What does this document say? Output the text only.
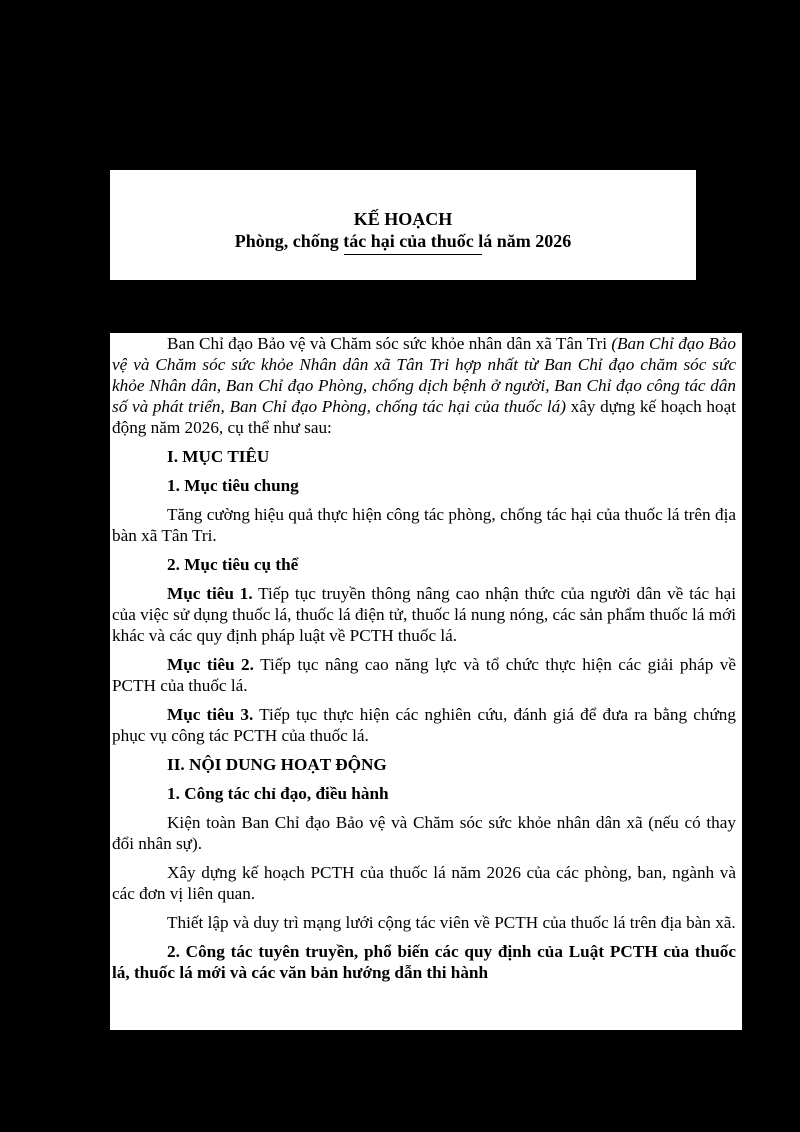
KẾ HOẠCH
Phòng, chống tác hại của thuốc lá năm 2026

Ban Chỉ đạo Bảo vệ và Chăm sóc sức khỏe nhân dân xã Tân Tri (Ban Chỉ đạo Bảo vệ và Chăm sóc sức khỏe Nhân dân xã Tân Tri hợp nhất từ Ban Chỉ đạo chăm sóc sức khỏe Nhân dân, Ban Chỉ đạo Phòng, chống dịch bệnh ở người, Ban Chỉ đạo công tác dân số và phát triển, Ban Chỉ đạo Phòng, chống tác hại của thuốc lá) xây dựng kế hoạch hoạt động năm 2026, cụ thể như sau:

I. MỤC TIÊU

1. Mục tiêu chung

Tăng cường hiệu quả thực hiện công tác phòng, chống tác hại của thuốc lá trên địa bàn xã Tân Tri.

2. Mục tiêu cụ thể

Mục tiêu 1. Tiếp tục truyền thông nâng cao nhận thức của người dân về tác hại của việc sử dụng thuốc lá, thuốc lá điện tử, thuốc lá nung nóng, các sản phẩm thuốc lá mới khác và các quy định pháp luật về PCTH thuốc lá.

Mục tiêu 2. Tiếp tục nâng cao năng lực và tổ chức thực hiện các giải pháp về PCTH của thuốc lá.

Mục tiêu 3. Tiếp tục thực hiện các nghiên cứu, đánh giá để đưa ra bằng chứng phục vụ công tác PCTH của thuốc lá.

II. NỘI DUNG HOẠT ĐỘNG

1. Công tác chỉ đạo, điều hành

Kiện toàn Ban Chỉ đạo Bảo vệ và Chăm sóc sức khỏe nhân dân xã (nếu có thay đổi nhân sự).

Xây dựng kế hoạch PCTH của thuốc lá năm 2026 của các phòng, ban, ngành và các đơn vị liên quan.

Thiết lập và duy trì mạng lưới cộng tác viên về PCTH của thuốc lá trên địa bàn xã.

2. Công tác tuyên truyền, phổ biến các quy định của Luật PCTH của thuốc lá, thuốc lá mới và các văn bản hướng dẫn thi hành
